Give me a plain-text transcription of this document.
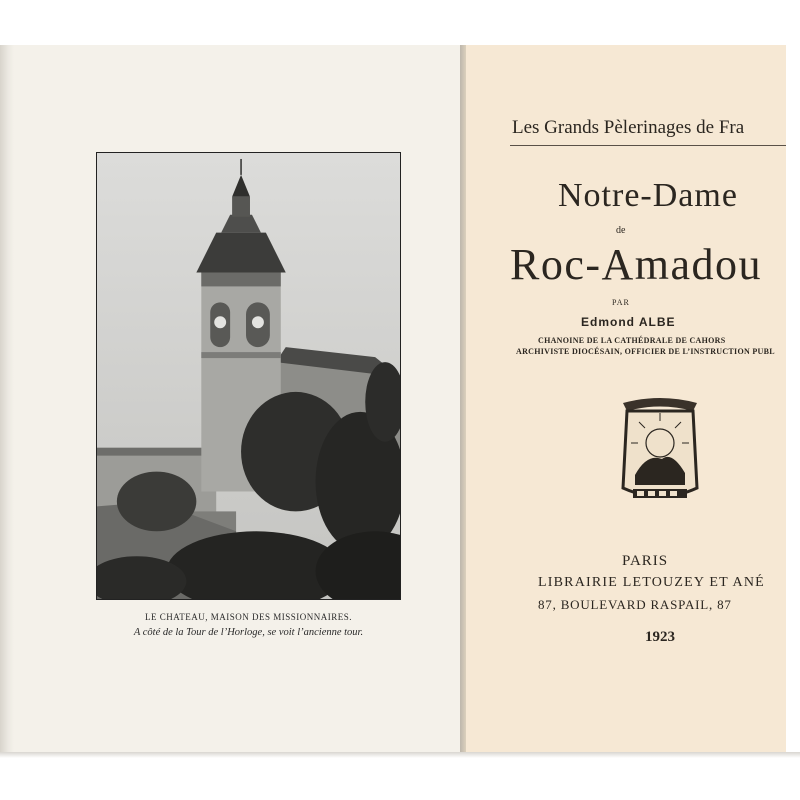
LE CHATEAU, MAISON DES MISSIONNAIRES.
A côté de la Tour de l’Horloge, se voit l’ancienne tour.
Les Grands Pèlerinages de Fra
Notre-Dame
de
Roc-Amadou
PAR
Edmond ALBE
CHANOINE DE LA CATHÉDRALE DE CAHORS
ARCHIVISTE DIOCÉSAIN, OFFICIER DE L’INSTRUCTION PUBL
PARIS
LIBRAIRIE LETOUZEY ET ANÉ
87, BOULEVARD RASPAIL, 87
1923
